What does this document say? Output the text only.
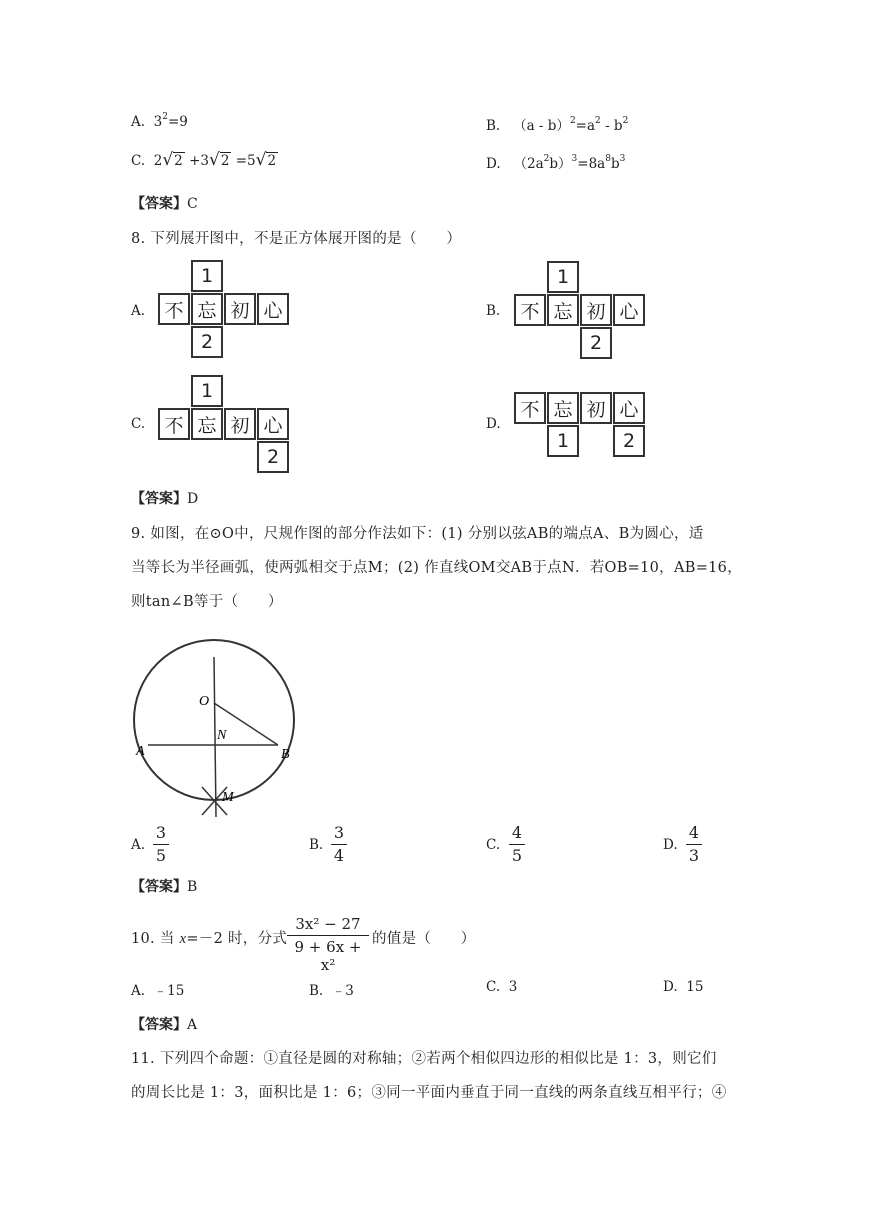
A. $3^2=9$	B. $(a - b)^2=a^2 - b^2$
C. 2√2 +3√2 =5√2	D. $(2a^2b)^3=8a^8b^3$
【答案】C
8. 下列展开图中，不是正方体展开图的是（　　）
A.
1
不 忘 初 心
2
B.
1
不 忘 初 心
2
C.
1
不 忘 初 心
2
D.
不 忘 初 心
1	2
【答案】D
9. 如图，在⊙O中，尺规作图的部分作法如下：(1) 分别以弦AB的端点A、B为圆心，适
当等长为半径画弧，使两弧相交于点M；(2) 作直线OM交AB于点N．若OB=10，AB=16，
则tan∠B等于（　　）
O
N
A	B
M
A.
3
5
B.
3
4
C.
4
5
D.
4
3
【答案】B
10. 当 x=－2 时，分式
3x² − 27
9 + 6x + x²
的值是（　　）
A. ﹣15	B. ﹣3	C. 3	D. 15
【答案】A
11. 下列四个命题：①直径是圆的对称轴；②若两个相似四边形的相似比是 1：3，则它们
的周长比是 1：3，面积比是 1：6；③同一平面内垂直于同一直线的两条直线互相平行；④
